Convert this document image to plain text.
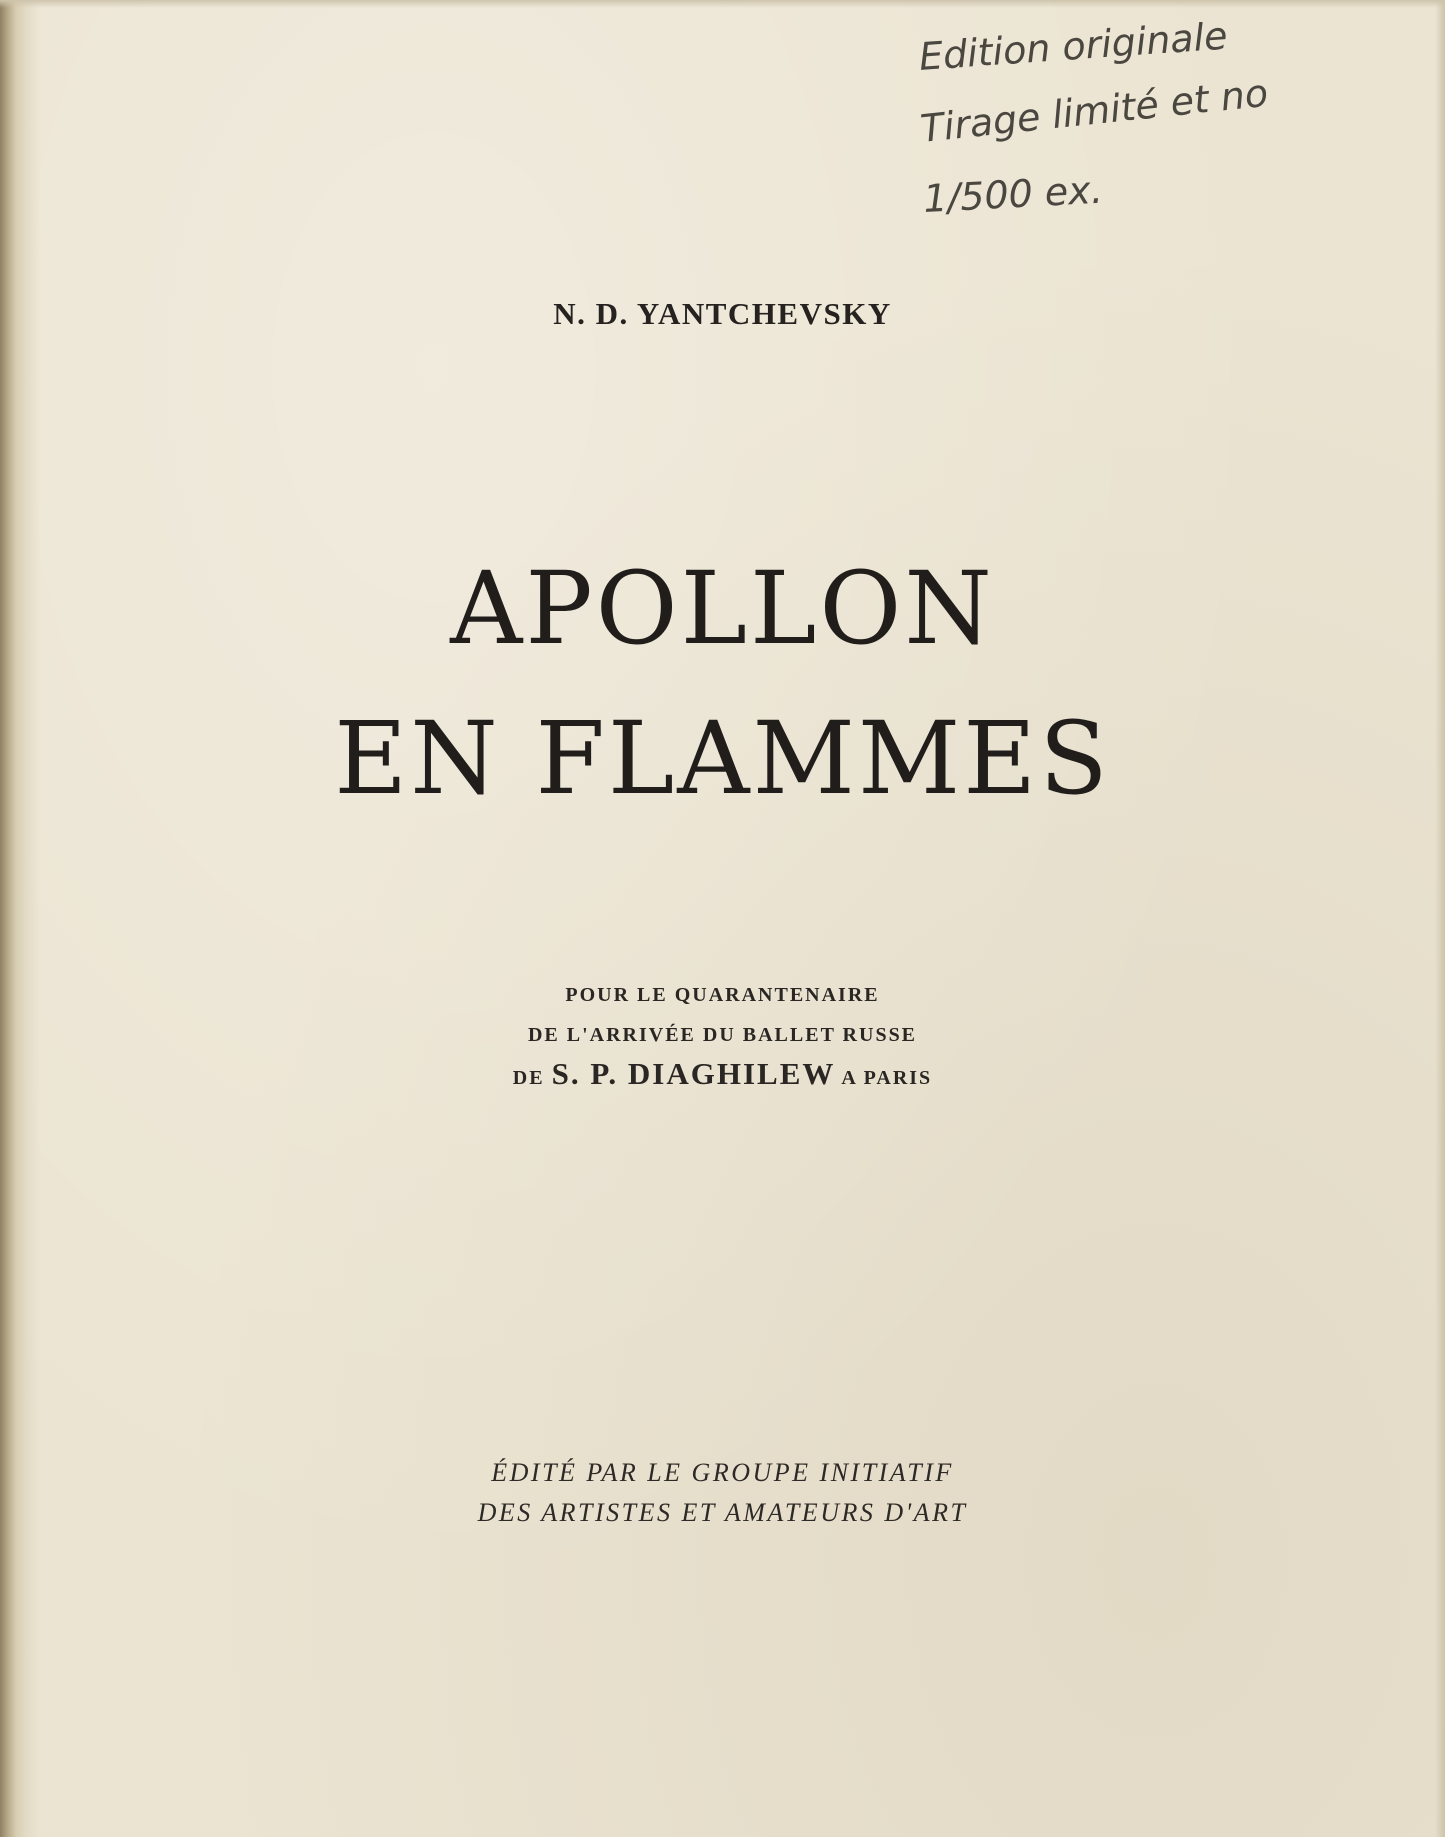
Edition originale
Tirage limité et no
1/500 ex.
N. D. YANTCHEVSKY
APOLLON
EN FLAMMES
POUR LE QUARANTENAIRE
DE L'ARRIVÉE DU BALLET RUSSE
DE S. P. DIAGHILEW A PARIS
ÉDITÉ PAR LE GROUPE INITIATIF
DES ARTISTES ET AMATEURS D'ART
